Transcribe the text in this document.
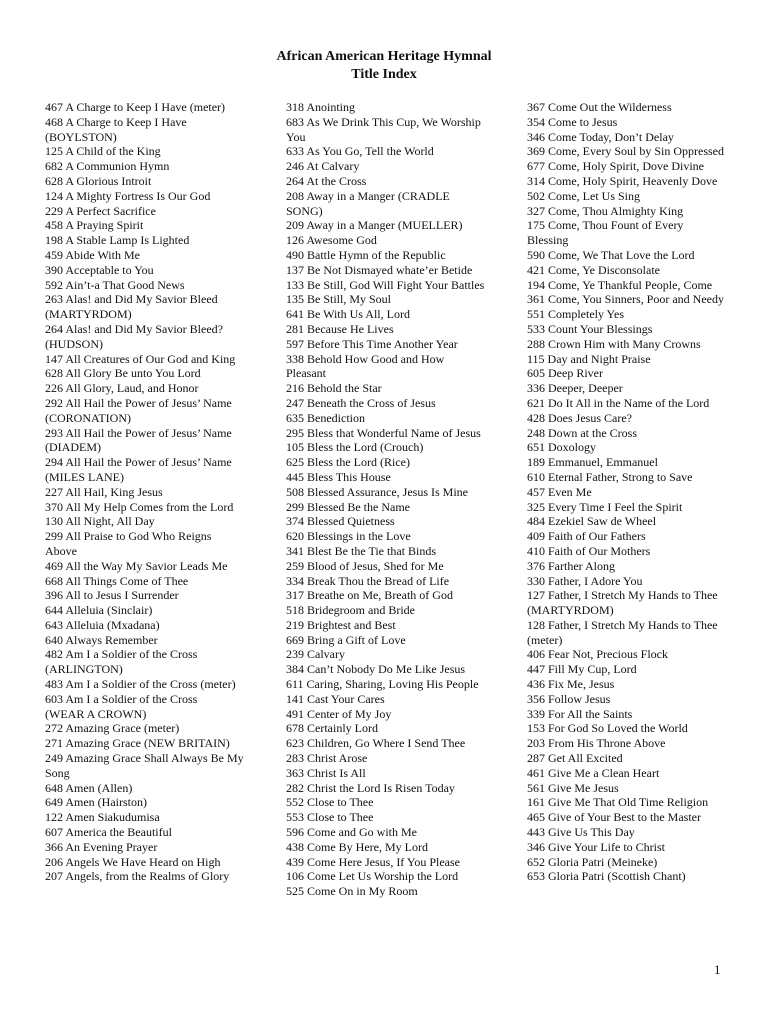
African American Heritage Hymnal
Title Index
467 A Charge to Keep I Have (meter)
468 A Charge to Keep I Have (BOYLSTON)
125 A Child of the King
682 A Communion Hymn
628 A Glorious Introit
124 A Mighty Fortress Is Our God
229 A Perfect Sacrifice
458 A Praying Spirit
198 A Stable Lamp Is Lighted
459 Abide With Me
390 Acceptable to You
592 Ain’t-a That Good News
263 Alas! and Did My Savior Bleed (MARTYRDOM)
264 Alas! and Did My Savior Bleed? (HUDSON)
147 All Creatures of Our God and King
628 All Glory Be unto You Lord
226 All Glory, Laud, and Honor
292 All Hail the Power of Jesus’ Name (CORONATION)
293 All Hail the Power of Jesus’ Name (DIADEM)
294 All Hail the Power of Jesus’ Name
(MILES LANE)
227 All Hail, King Jesus
370 All My Help Comes from the Lord
130 All Night, All Day
299 All Praise to God Who Reigns Above
469 All the Way My Savior Leads Me
668 All Things Come of Thee
396 All to Jesus I Surrender
644 Alleluia (Sinclair)
643 Alleluia (Mxadana)
640 Always Remember
482 Am I a Soldier of the Cross (ARLINGTON)
483 Am I a Soldier of the Cross (meter)
603 Am I a Soldier of the Cross
(WEAR A CROWN)
272 Amazing Grace (meter)
271 Amazing Grace (NEW BRITAIN)
249 Amazing Grace Shall Always Be My Song
648 Amen (Allen)
649 Amen (Hairston)
122 Amen Siakudumisa
607 America the Beautiful
366 An Evening Prayer
206 Angels We Have Heard on High
207 Angels, from the Realms of Glory
318 Anointing
683 As We Drink This Cup, We Worship You
633 As You Go, Tell the World
246 At Calvary
264 At the Cross
208 Away in a Manger (CRADLE SONG)
209 Away in a Manger (MUELLER)
126 Awesome God
490 Battle Hymn of the Republic
137 Be Not Dismayed whate’er Betide
133 Be Still, God Will Fight Your Battles
135 Be Still, My Soul
641 Be With Us All, Lord
281 Because He Lives
597 Before This Time Another Year
338 Behold How Good and How Pleasant
216 Behold the Star
247 Beneath the Cross of Jesus
635 Benediction
295 Bless that Wonderful Name of Jesus
105 Bless the Lord (Crouch)
625 Bless the Lord (Rice)
445 Bless This House
508 Blessed Assurance, Jesus Is Mine
299 Blessed Be the Name
374 Blessed Quietness
620 Blessings in the Love
341 Blest Be the Tie that Binds
259 Blood of Jesus, Shed for Me
334 Break Thou the Bread of Life
317 Breathe on Me, Breath of God
518 Bridegroom and Bride
219 Brightest and Best
669 Bring a Gift of Love
239 Calvary
384 Can’t Nobody Do Me Like Jesus
611 Caring, Sharing, Loving His People
141 Cast Your Cares
491 Center of My Joy
678 Certainly Lord
623 Children, Go Where I Send Thee
283 Christ Arose
363 Christ Is All
282 Christ the Lord Is Risen Today
552 Close to Thee
553 Close to Thee
596 Come and Go with Me
438 Come By Here, My Lord
439 Come Here Jesus, If You Please
106 Come Let Us Worship the Lord
525 Come On in My Room
367 Come Out the Wilderness
354 Come to Jesus
346 Come Today, Don’t Delay
369 Come, Every Soul by Sin Oppressed
677 Come, Holy Spirit, Dove Divine
314 Come, Holy Spirit, Heavenly Dove
502 Come, Let Us Sing
327 Come, Thou Almighty King
175 Come, Thou Fount of Every Blessing
590 Come, We That Love the Lord
421 Come, Ye Disconsolate
194 Come, Ye Thankful People, Come
361 Come, You Sinners, Poor and Needy
551 Completely Yes
533 Count Your Blessings
288 Crown Him with Many Crowns
115 Day and Night Praise
605 Deep River
336 Deeper, Deeper
621 Do It All in the Name of the Lord
428 Does Jesus Care?
248 Down at the Cross
651 Doxology
189 Emmanuel, Emmanuel
610 Eternal Father, Strong to Save
457 Even Me
325 Every Time I Feel the Spirit
484 Ezekiel Saw de Wheel
409 Faith of Our Fathers
410 Faith of Our Mothers
376 Farther Along
330 Father, I Adore You
127 Father, I Stretch My Hands to Thee
(MARTYRDOM)
128 Father, I Stretch My Hands to Thee (meter)
406 Fear Not, Precious Flock
447 Fill My Cup, Lord
436 Fix Me, Jesus
356 Follow Jesus
339 For All the Saints
153 For God So Loved the World
203 From His Throne Above
287 Get All Excited
461 Give Me a Clean Heart
561 Give Me Jesus
161 Give Me That Old Time Religion
465 Give of Your Best to the Master
443 Give Us This Day
346 Give Your Life to Christ
652 Gloria Patri (Meineke)
653 Gloria Patri (Scottish Chant)
1
